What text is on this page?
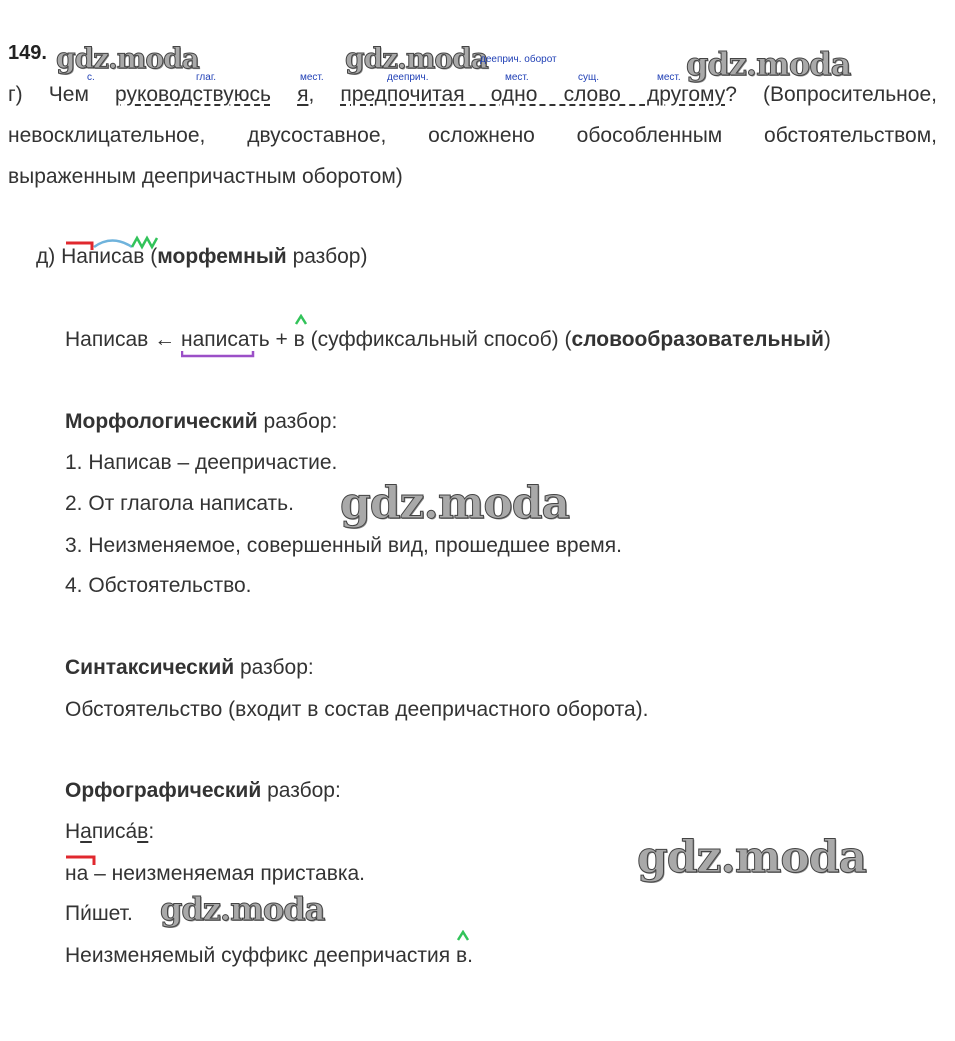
149. gdz.moda	gdz.moda	gdz.moda
gdz.moda
gdz.moda
gdz.moda
дееприч. оборот
с.	глаг.	мест.	дееприч.	мест.	сущ.	мест.
г) Чем руководствуюсь я, предпочитая одно слово другому? (Вопросительное,
невосклицательное, двусоставное, осложнено обособленным обстоятельством,
выраженным деепричастным оборотом)
д) Написав (морфемный разбор)
Написав ← написать + в (суффиксальный способ) (словообразовательный)
Морфологический разбор:
1. Написав – деепричастие.
2. От глагола написать.
3. Неизменяемое, совершенный вид, прошедшее время.
4. Обстоятельство.
Синтаксический разбор:
Обстоятельство (входит в состав деепричастного оборота).
Орфографический разбор:
Написа́в:
на – неизменяемая приставка.
Пи́шет.
Неизменяемый суффикс деепричастия в.
